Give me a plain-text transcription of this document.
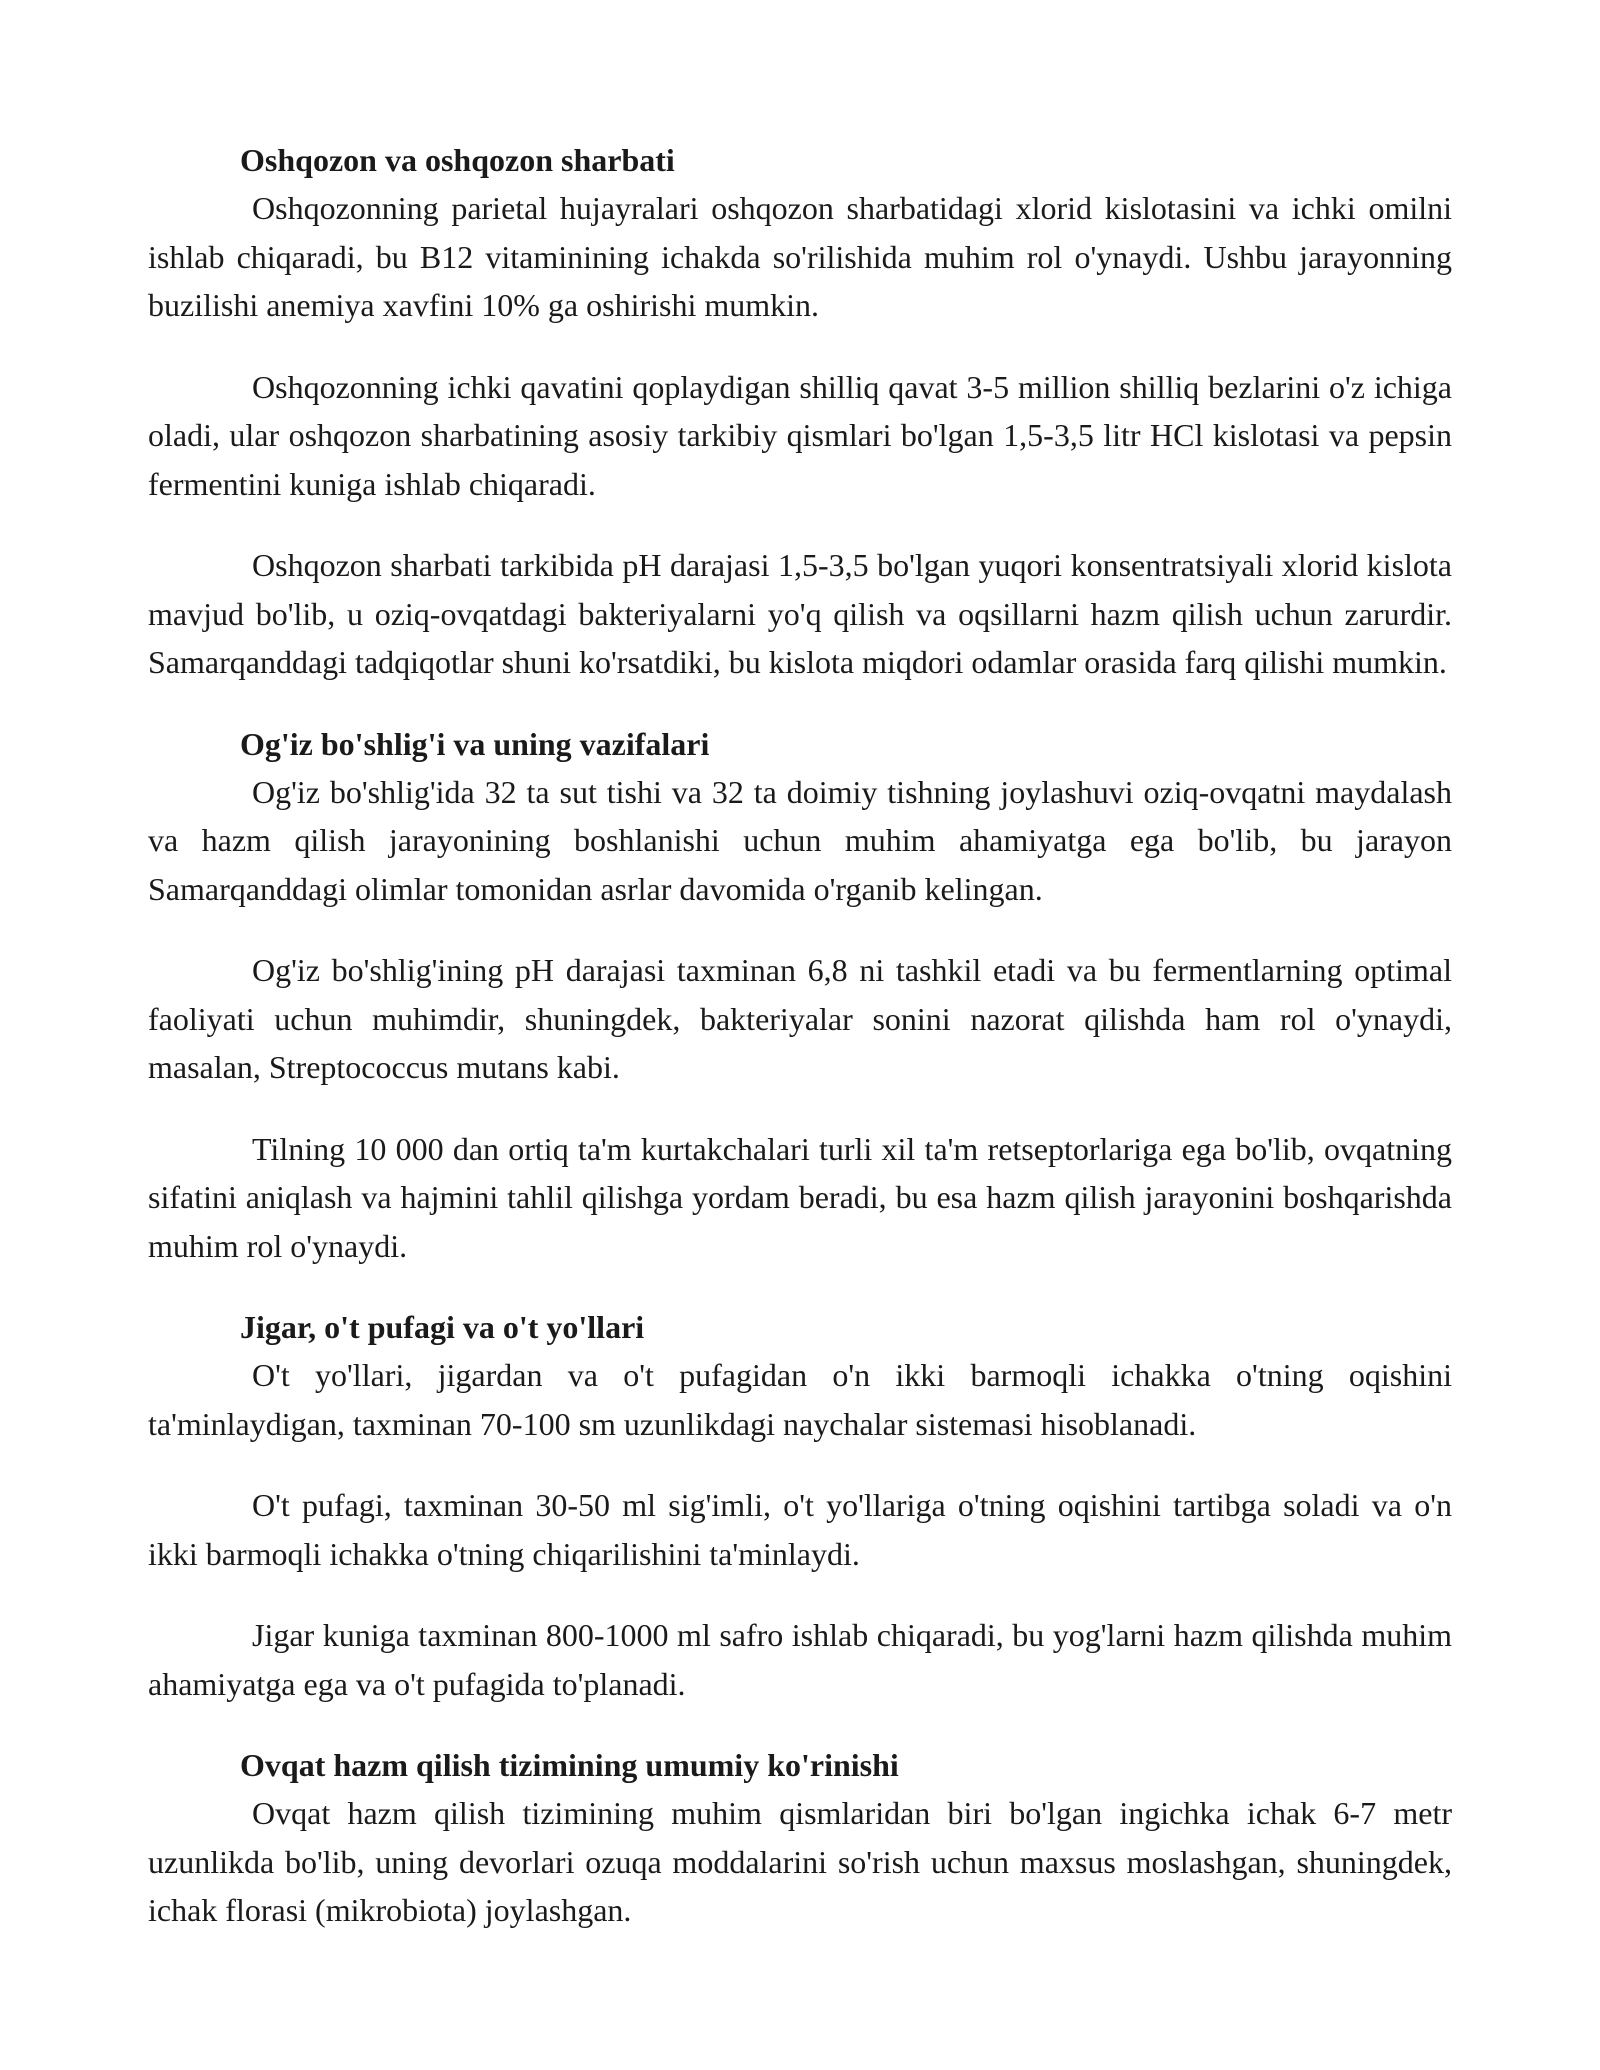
Oshqozon va oshqozon sharbati

Oshqozonning parietal hujayralari oshqozon sharbatidagi xlorid kislotasini va ichki omilni ishlab chiqaradi, bu B12 vitaminining ichakda so'rilishida muhim rol o'ynaydi. Ushbu jarayonning buzilishi anemiya xavfini 10% ga oshirishi mumkin.

Oshqozonning ichki qavatini qoplaydigan shilliq qavat 3-5 million shilliq bezlarini o'z ichiga oladi, ular oshqozon sharbatining asosiy tarkibiy qismlari bo'lgan 1,5-3,5 litr HCl kislotasi va pepsin fermentini kuniga ishlab chiqaradi.

Oshqozon sharbati tarkibida pH darajasi 1,5-3,5 bo'lgan yuqori konsentratsiyali xlorid kislota mavjud bo'lib, u oziq-ovqatdagi bakteriyalarni yo'q qilish va oqsillarni hazm qilish uchun zarurdir. Samarqanddagi tadqiqotlar shuni ko'rsatdiki, bu kislota miqdori odamlar orasida farq qilishi mumkin.

Og'iz bo'shlig'i va uning vazifalari

Og'iz bo'shlig'ida 32 ta sut tishi va 32 ta doimiy tishning joylashuvi oziq-ovqatni maydalash va hazm qilish jarayonining boshlanishi uchun muhim ahamiyatga ega bo'lib, bu jarayon Samarqanddagi olimlar tomonidan asrlar davomida o'rganib kelingan.

Og'iz bo'shlig'ining pH darajasi taxminan 6,8 ni tashkil etadi va bu fermentlarning optimal faoliyati uchun muhimdir, shuningdek, bakteriyalar sonini nazorat qilishda ham rol o'ynaydi, masalan, Streptococcus mutans kabi.

Tilning 10 000 dan ortiq ta'm kurtakchalari turli xil ta'm retseptorlariga ega bo'lib, ovqatning sifatini aniqlash va hajmini tahlil qilishga yordam beradi, bu esa hazm qilish jarayonini boshqarishda muhim rol o'ynaydi.

Jigar, o't pufagi va o't yo'llari

O't yo'llari, jigardan va o't pufagidan o'n ikki barmoqli ichakka o'tning oqishini ta'minlaydigan, taxminan 70-100 sm uzunlikdagi naychalar sistemasi hisoblanadi.

O't pufagi, taxminan 30-50 ml sig'imli, o't yo'llariga o'tning oqishini tartibga soladi va o'n ikki barmoqli ichakka o'tning chiqarilishini ta'minlaydi.

Jigar kuniga taxminan 800-1000 ml safro ishlab chiqaradi, bu yog'larni hazm qilishda muhim ahamiyatga ega va o't pufagida to'planadi.

Ovqat hazm qilish tizimining umumiy ko'rinishi

Ovqat hazm qilish tizimining muhim qismlaridan biri bo'lgan ingichka ichak 6-7 metr uzunlikda bo'lib, uning devorlari ozuqa moddalarini so'rish uchun maxsus moslashgan, shuningdek, ichak florasi (mikrobiota) joylashgan.
